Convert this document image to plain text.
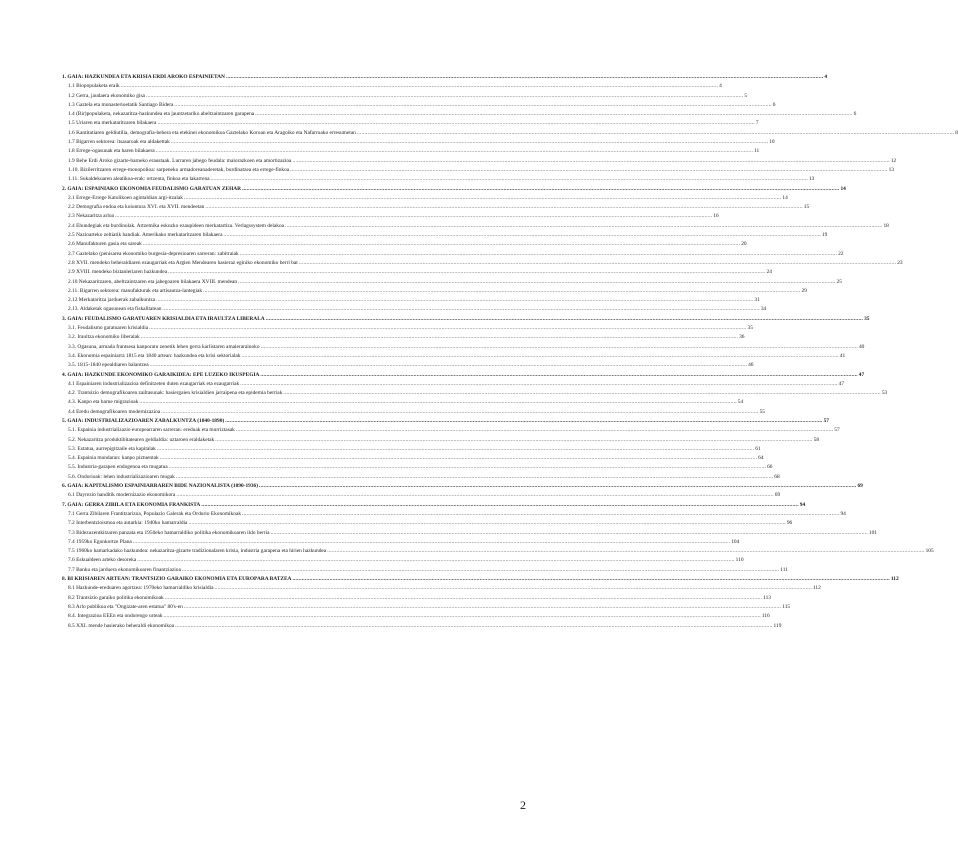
1. GAIA: HAZKUNDEA ETA KRISIA ERDI AROKO ESPAINIETAN .....	4
1.1 Biopopulaketa eraik .....	4
1.2 Gerra, jaudaera ekonomiko gisa .....	5
1.3 Gaztela eta monasterioetatik Santiago Bidera .....	6
1.4 (Bir)populaketa, nekazaritza-hazkundea eta jauntzetariko abeltzaintzaren garapena .....	6
1.5 Uriaren eta merkataritzaren bilakaera .....	7
1.6 Kantitatiaren geldiutilia, demografia-behera eta etekinei ekonomikoa Gaztelako Koroan eta Aragoiko eta Nafarroako erresumetan .....	8
1.7 Bigarren sektorea: itsasaroak eta aldakettak .....	10
1.8 Errege-ogasunak eta haren bilakaera .....	11
1.9 Behe Erdi Aroko gizarte-barneko eraustaak. Lurraren jabego feudala: maiorazkoen eta amortizazioa .....	12
1.10. Bizilerritzaren errege-monopolioa: sarpeneko armadoreanaderetak, burdinatzea eta errege-finkoa .....	13
1.11. Sukaldekuaren aleatikoa-erak: ortzenta, finkoa eta lakarrena .....	13
2. GAIA: ESPAINIAKO EKONOMIA FEUDALISMO GARATUAN ZEHAR .....	14
2.1 Errege-Errege Katolikoen agintaldian argi-itzalak .....	14
2.2 Demografia endoa eta koiuntura XVI. eta XVII. mendeetan .....	15
2.3 Nekazaritza arloa .....	16
2.4 Ehundegiak eta burdinolak. Artzemika eskuzko ezaupideen merkatartiza. Verlagssystem delakoa .....	18
2.5 Nazioarteko zeltiatik handiak. Amerikako merkataritzaren bilakaera .....	19
2.6 Manufakturen gasia eta sareak .....	20
2.7 Gaztelako (penisarea ekonomiko burgesia-depresioaren sarreran: zabitraiak .....	22
2.8 XVII. mendeko beheraldiaren ezaugarriak eta Argien Mendearen hasieraz eginiko ekonomiko berri bat .....	23
2.9 XVIII. mendeko biztanleriaren hazkundea .....	24
2.10 Nekazaritzaren, abeltzaintzaren eta jabegoaren bilakaera XVIII. mendean .....	25
2.11. Bigarren sektorea: manufakturak eta artisautza-lantegiak .....	29
2.12 Merkataritza jarduerak zabalkuntza .....	31
2.13. Aldaketak ogasunean eta fiskalitatean .....	34
3. GAIA: FEUDALISMO GARATUAREN KRISIALDIA ETA IRAULTZA LIBERALA .....	35
3.1. Feudalismo garatuaren krisialdia .....	35
3.2. Iraultza ekonomiko liberalak .....	36
3.3. Ogasuna, armada frantsesa kanporatu zenetik lehen gerra karlistaren amaierarainoko .....	40
3.4. Ekonomia espainiarra 1815 eta 1840 artean: hazkundea eta krisi sektorialak .....	41
3.5. 1815-1840 epealdiaren balantzea .....	46
4. GAIA: HAZKUNDE EKONOMIKO GARAIKIDEA: EPE LUZEKO IKUSPEGIA .....	47
4.1 Espainiaren industrializazioa definitzeten duten ezaugarriak eta ezaugarriak .....	47
4.2. Trantsizio demografikoaren zailtasunak: hasiergaien krisialdien jarraipena eta epidemia berriak .....	53
4.3. Kanpo eta barne migrazioak .....	54
4.4 Eredu demografikoaren modernizazioa .....	55
5. GAIA: INDUSTRIALIZAZIOAREN ZABALKUNTZA (1840-1890) .....	57
5.1. Espainia industrializazio europearraren sarreran: ereduak eta murriztasak .....	57
5.2. Nekazaritza produktibitatearen geldialdia: uztaroen eraldaketak .....	58
5.3. Estatua, aurrepigitzaile eta kapitalak .....	61
5.4. Espainia mundaran: kanpo piztuentak .....	64
5.5. Industria-garapen endogenoa eta mugatua .....	66
5.6. Ondorioak: lehen industrializazioaren mugak .....	68
6. GAIA: KAPITALISMO ESPAINIARRAREN BIDE NAZIONALISTA (1890-1936) .....	69
6.1 Dayrezio handitik modernizazio ekonomikora .....	69
7. GAIA: GERRA ZIBILA ETA EKONOMIA FRANKISTA .....	94
7.1 Gerra Zibilaren Frantitzarizoa, Populazio Galerak eta Ordorio Ekonomikoak .....	94
7.2 Interbentzioismoa eta autarkia: 1940ko hamarraldia .....	96
7.3 Bidezuzentkitzaren panzata eta 1950eko hamarraldiko politika ekonomikoaren ildo berria .....	101
7.4 1959ko Egonkortze Plana .....	104
7.5 1960ko hamarkadako hazkundea: nekazaritza-gizarte tradizionalaren krisia, industria garapena eta hirien hazkundea .....	105
7.6 Eskualdeen arteko desoreka .....	110
7.7 Banku eta jarduera ekonomikoaren finantziazioa .....	111
8. BI KRISIAREN ARTEAN: TRANTSIZIO GARAIKO EKONOMIA ETA EUROPARA BATZEA .....	112
8.1 Hazkunde-ereduaren agortzea: 1970eko hamarraldiko krisialdia .....	112
8.2 Trantsizio garaiko politika ekonomikoak .....	113
8.3 Arlo publikoa eta "Ongizate-aren estatua" 80's-en .....	115
8.4. Integrazioa EEEn eta ondorengo urteak .....	116
8.5 XXI. mende hasierako beheraldi ekonomikoa .....	119
2
